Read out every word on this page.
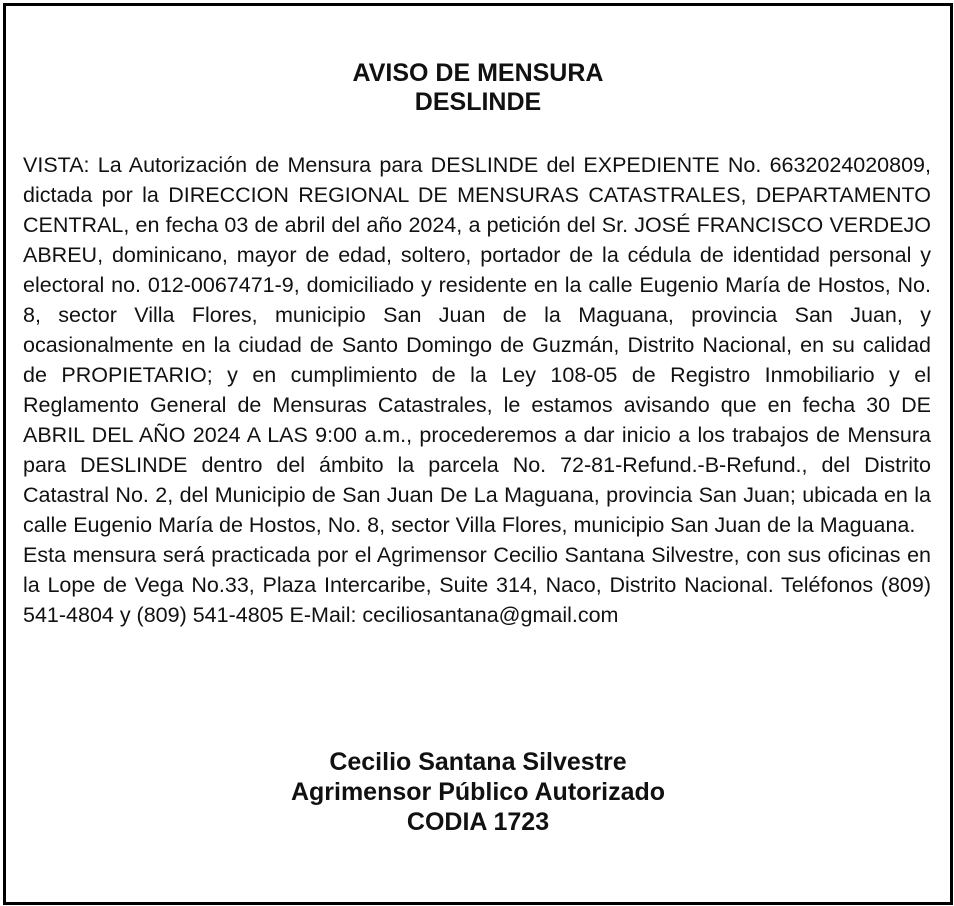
AVISO DE MENSURA
DESLINDE

VISTA: La Autorización de Mensura para DESLINDE del EXPEDIENTE No. 6632024020809, dictada por la DIRECCION REGIONAL DE MENSURAS CATASTRALES, DEPARTAMENTO CENTRAL, en fecha 03 de abril del año 2024, a petición del Sr. JOSÉ FRANCISCO VERDEJO ABREU, dominicano, mayor de edad, soltero, portador de la cédula de identidad personal y electoral no. 012-0067471-9, domiciliado y residente en la calle Eugenio María de Hostos, No. 8, sector Villa Flores, municipio San Juan de la Maguana, provincia San Juan, y ocasionalmente en la ciudad de Santo Domingo de Guzmán, Distrito Nacional, en su calidad de PROPIETARIO; y en cumplimiento de la Ley 108-05 de Registro Inmobiliario y el Reglamento General de Mensuras Catastrales, le estamos avisando que en fecha 30 DE ABRIL DEL AÑO 2024 A LAS 9:00 a.m., procederemos a dar inicio a los trabajos de Mensura para DESLINDE dentro del ámbito la parcela No. 72-81-Refund.-B-Refund., del Distrito Catastral No. 2, del Municipio de San Juan De La Maguana, provincia San Juan; ubicada en la calle Eugenio María de Hostos, No. 8, sector Villa Flores, municipio San Juan de la Maguana.

Esta mensura será practicada por el Agrimensor Cecilio Santana Silvestre, con sus oficinas en la Lope de Vega No.33, Plaza Intercaribe, Suite 314, Naco, Distrito Nacional. Teléfonos (809) 541-4804 y (809) 541-4805 E-Mail: ceciliosantana@gmail.com

Cecilio Santana Silvestre
Agrimensor Público Autorizado
CODIA 1723
